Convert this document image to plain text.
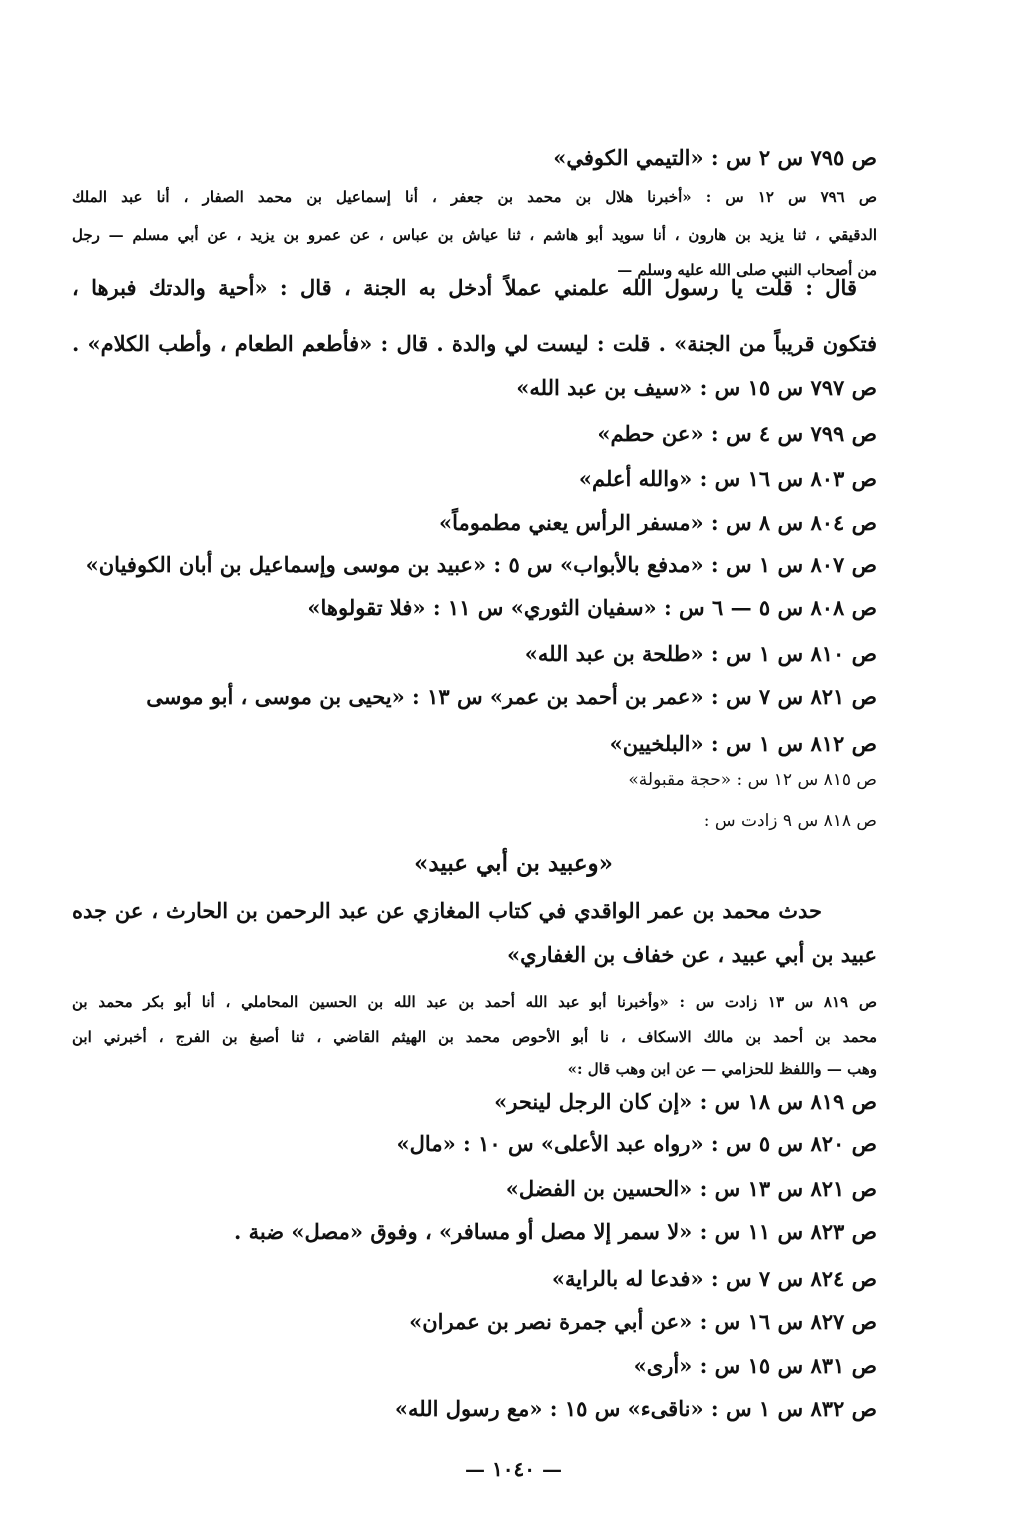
ص ٧٩٥ س ٢ س : «التيمي الكوفي»
ص ٧٩٦ س ١٢ س : «أخبرنا هلال بن محمد بن جعفر ، أنا إسماعيل بن محمد الصفار ، أنا عبد الملك
الدقيقي ، ثنا يزيد بن هارون ، أنا سويد أبو هاشم ، ثنا عياش بن عباس ، عن عمرو بن يزيد ، عن أبي مسلم — رجل
من أصحاب النبي صلى الله عليه وسلم —
قال : قلت يا رسول الله علمني عملاً أدخل به الجنة ، قال : «أحية والدتك فبرها ،
فتكون قريباً من الجنة» . قلت : ليست لي والدة . قال : «فأطعم الطعام ، وأطب الكلام» .
ص ٧٩٧ س ١٥ س : «سيف بن عبد الله»
ص ٧٩٩ س ٤ س : «عن حطم»
ص ٨٠٣ س ١٦ س : «والله أعلم»
ص ٨٠٤ س ٨ س : «مسفر الرأس يعني مطموماً»
ص ٨٠٧ س ١ س : «مدفع بالأبواب» س ٥ : «عبيد بن موسى وإسماعيل بن أبان الكوفيان»
ص ٨٠٨ س ٥ — ٦ س : «سفيان الثوري» س ١١ : «فلا تقولوها»
ص ٨١٠ س ١ س : «طلحة بن عبد الله»
ص ٨٢١ س ٧ س : «عمر بن أحمد بن عمر» س ١٣ : «يحيى بن موسى ، أبو موسى
ص ٨١٢ س ١ س : «البلخيين»
ص ٨١٥ س ١٢ س : «حجة مقبولة»
ص ٨١٨ س ٩ زادت س :
«وعبيد بن أبي عبيد»
حدث محمد بن عمر الواقدي في كتاب المغازي عن عبد الرحمن بن الحارث ، عن جده
عبيد بن أبي عبيد ، عن خفاف بن الغفاري»
ص ٨١٩ س ١٣ زادت س : «وأخبرنا أبو عبد الله أحمد بن عبد الله بن الحسين المحاملي ، أنا أبو بكر محمد بن
محمد بن أحمد بن مالك الاسكاف ، نا أبو الأحوص محمد بن الهيثم القاضي ، ثنا أصبغ بن الفرج ، أخبرني ابن
وهب — واللفظ للحزامي — عن ابن وهب قال :»
ص ٨١٩ س ١٨ س : «إن كان الرجل لينحر»
ص ٨٢٠ س ٥ س : «رواه عبد الأعلى» س ١٠ : «مال»
ص ٨٢١ س ١٣ س : «الحسين بن الفضل»
ص ٨٢٣ س ١١ س : «لا سمر إلا مصل أو مسافر» ، وفوق «مصل» ضبة .
ص ٨٢٤ س ٧ س : «فدعا له بالراية»
ص ٨٢٧ س ١٦ س : «عن أبي جمرة نصر بن عمران»
ص ٨٣١ س ١٥ س : «أرى»
ص ٨٣٢ س ١ س : «ناقىء» س ١٥ : «مع رسول الله»
— ١٠٤٠ —
